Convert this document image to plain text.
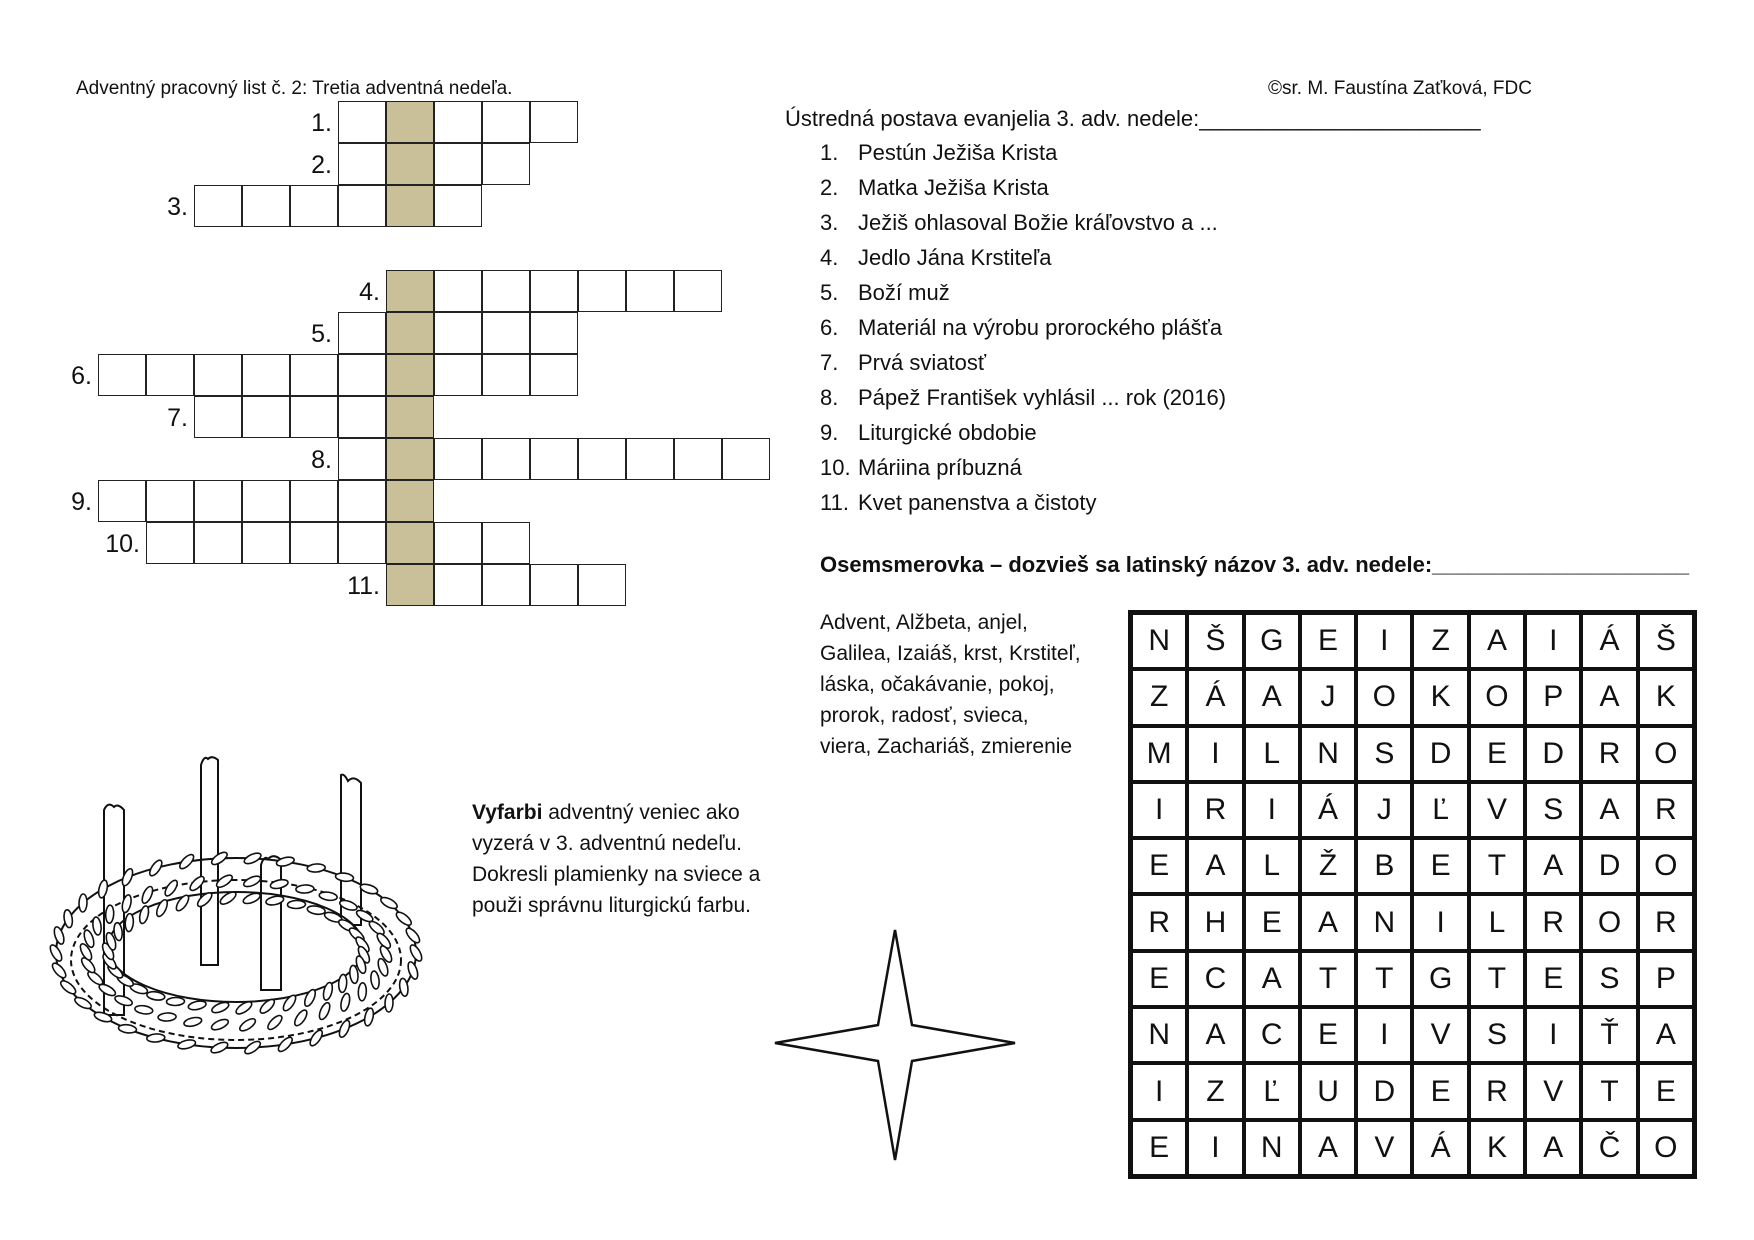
Adventný pracovný list č. 2: Tretia adventná nedeľa.	©sr. M. Faustína Zaťková, FDC
1.
2.
3.
4.
5.
6.
7.
8.
9.
10.
11.
Ústredná postava evanjelia 3. adv. nedele:_______________________
1. Pestún Ježiša Krista
2. Matka Ježiša Krista
3. Ježiš ohlasoval Božie kráľovstvo a ...
4. Jedlo Jána Krstiteľa
5. Boží muž
6. Materiál na výrobu prorockého plášťa
7. Prvá sviatosť
8. Pápež František vyhlásil ... rok (2016)
9. Liturgické obdobie
10. Máriina príbuzná
11. Kvet panenstva a čistoty
Osemsmerovka – dozvieš sa latinský názov 3. adv. nedele:_____________________
Advent, Alžbeta, anjel,
Galilea, Izaiáš, krst, Krstiteľ,
láska, očakávanie, pokoj,
prorok, radosť, svieca,
viera, Zachariáš, zmierenie
N	Š	G	E	I	Z	A	I	Á	Š
Z	Á	A	J	O	K	O	P	A	K
M	I	L	N	S	D	E	D	R	O
I	R	I	Á	J	Ľ	V	S	A	R
E	A	L	Ž	B	E	T	A	D	O
R	H	E	A	N	I	L	R	O	R
E	C	A	T	T	G	T	E	S	P
N	A	C	E	I	V	S	I	Ť	A
I	Z	Ľ	U	D	E	R	V	T	E
E	I	N	A	V	Á	K	A	Č	O
Vyfarbi adventný veniec ako vyzerá v 3. adventnú nedeľu. Dokresli plamienky na sviece a použi správnu liturgickú farbu.
